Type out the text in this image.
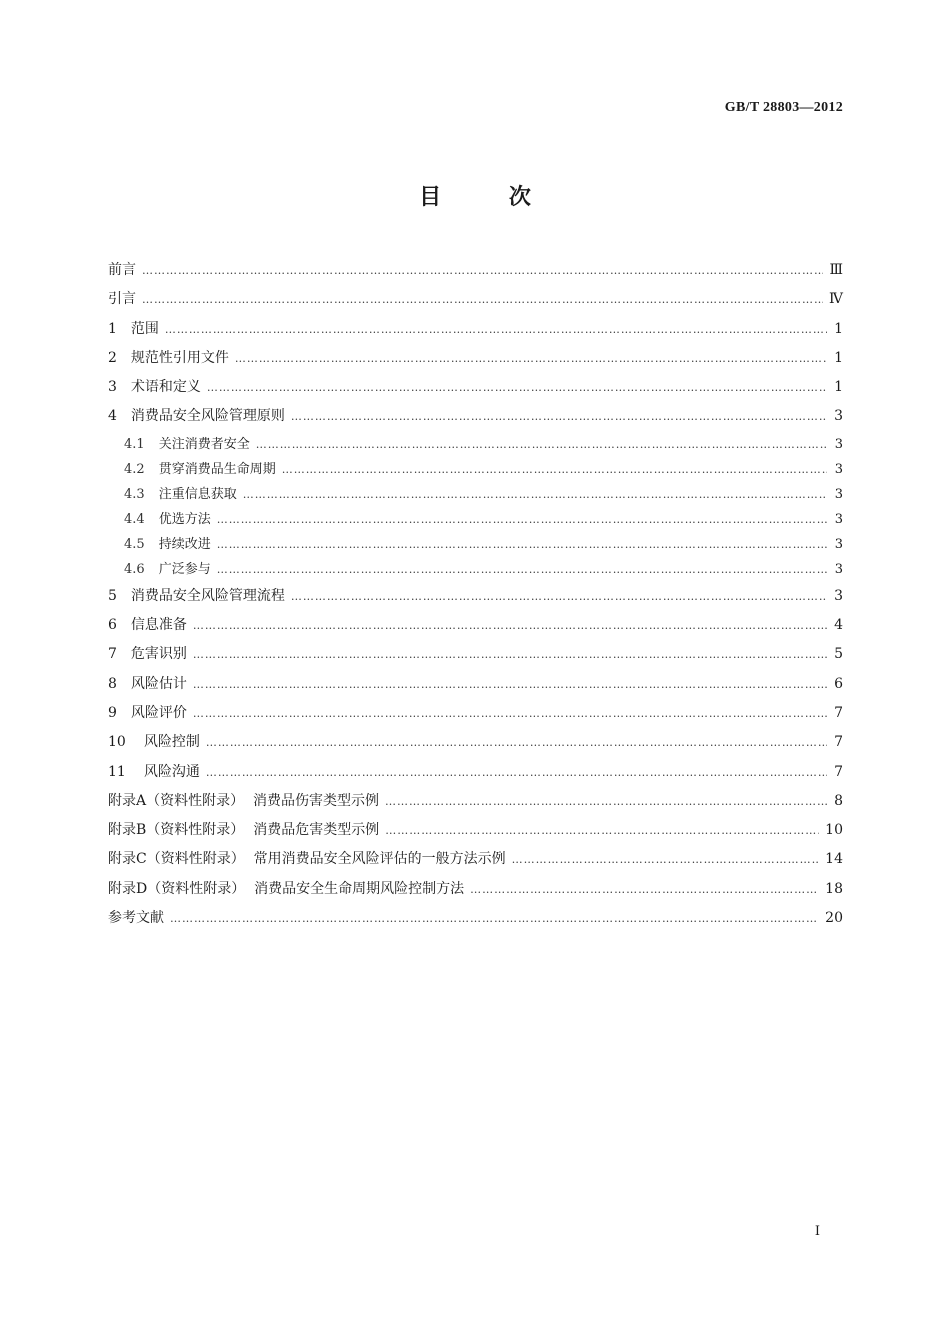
GB/T 28803—2012
目	次
前言 …………………………………………………………………………………………………………………………………………………………………………………………………………………………	Ⅲ
引言 …………………………………………………………………………………………………………………………………………………………………………………………………………………………	Ⅳ
1 范围 …………………………………………………………………………………………………………………………………………………………………………………………………………………………	1
2 规范性引用文件 …………………………………………………………………………………………………………………………………………………………………………………………………………………………	1
3 术语和定义 …………………………………………………………………………………………………………………………………………………………………………………………………………………………	1
4 消费品安全风险管理原则 …………………………………………………………………………………………………………………………………………………………………………………………………………………………	3
4.1 关注消费者安全 …………………………………………………………………………………………………………………………………………………………………………………………………………………………	3
4.2 贯穿消费品生命周期 …………………………………………………………………………………………………………………………………………………………………………………………………………………………	3
4.3 注重信息获取 …………………………………………………………………………………………………………………………………………………………………………………………………………………………	3
4.4 优选方法 …………………………………………………………………………………………………………………………………………………………………………………………………………………………	3
4.5 持续改进 …………………………………………………………………………………………………………………………………………………………………………………………………………………………	3
4.6 广泛参与 …………………………………………………………………………………………………………………………………………………………………………………………………………………………	3
5 消费品安全风险管理流程 …………………………………………………………………………………………………………………………………………………………………………………………………………………………	3
6 信息准备 …………………………………………………………………………………………………………………………………………………………………………………………………………………………	4
7 危害识别 …………………………………………………………………………………………………………………………………………………………………………………………………………………………	5
8 风险估计 …………………………………………………………………………………………………………………………………………………………………………………………………………………………	6
9 风险评价 …………………………………………………………………………………………………………………………………………………………………………………………………………………………	7
10 风险控制 …………………………………………………………………………………………………………………………………………………………………………………………………………………………	7
11 风险沟通 …………………………………………………………………………………………………………………………………………………………………………………………………………………………	7
附录A（资料性附录）  消费品伤害类型示例 …………………………………………………………………………………………………………………………………………………………………………………………………………………………	8
附录B（资料性附录）  消费品危害类型示例 …………………………………………………………………………………………………………………………………………………………………………………………………………………………	10
附录C（资料性附录）  常用消费品安全风险评估的一般方法示例 …………………………………………………………………………………………………………………………………………………………………………………………………………………………	14
附录D（资料性附录）  消费品安全生命周期风险控制方法 …………………………………………………………………………………………………………………………………………………………………………………………………………………………	18
参考文献 …………………………………………………………………………………………………………………………………………………………………………………………………………………………	20
Ⅰ
